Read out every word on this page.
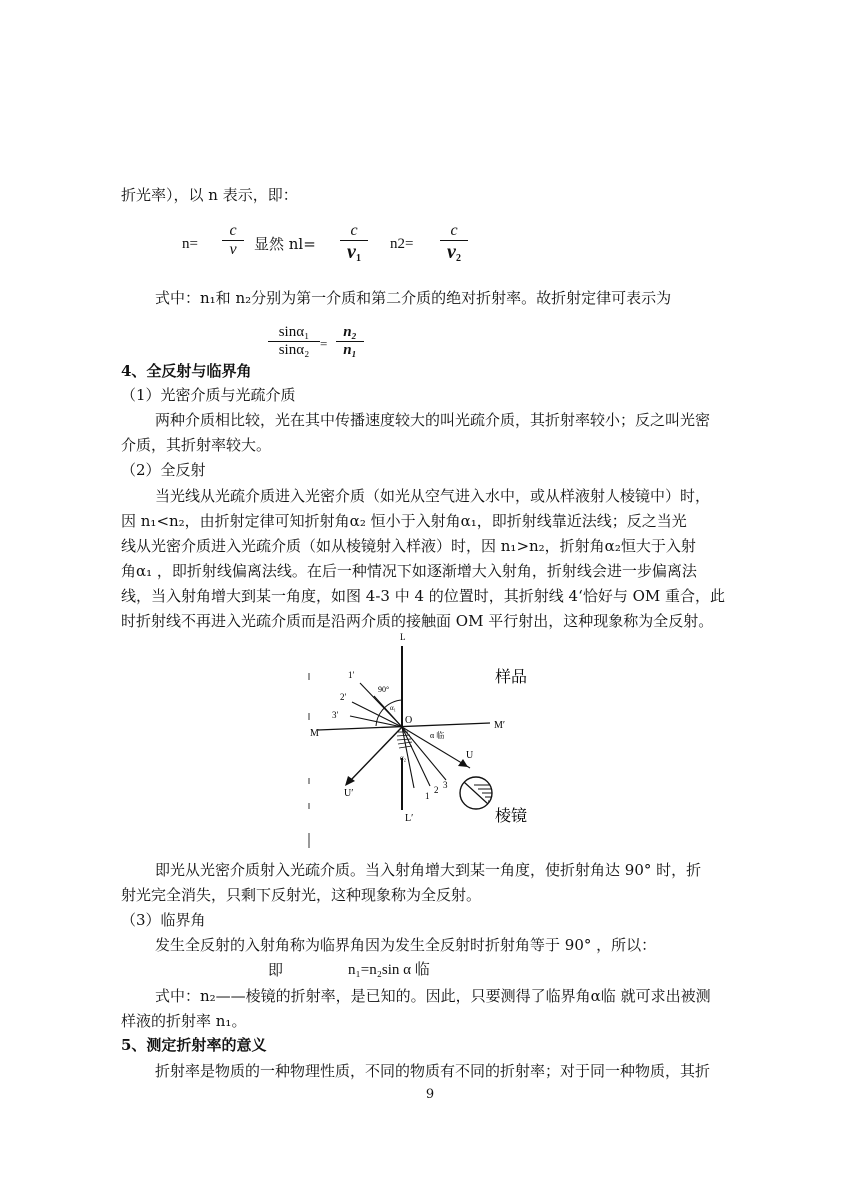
折光率），以 n 表示，即：
$n= \frac{c}{v}$ 显然 nl=
c
$v_1$
n2=
c
$v_2$
式中：n₁和 n₂分别为第一介质和第二介质的绝对折射率。故折射定律可表示为
$\frac{\text{sinα₁}}{\text{sinα₂}} = \frac{\text{n₂}}{\text{n₁}}$
4、全反射与临界角
（1）光密介质与光疏介质
两种介质相比较，光在其中传播速度较大的叫光疏介质，其折射率较小；反之叫光密
介质，其折射率较大。
（2）全反射
当光线从光疏介质进入光密介质（如光从空气进入水中，或从样液射人棱镜中）时，
因 n₁<n₂，由折射定律可知折射角α₂ 恒小于入射角α₁，即折射线靠近法线；反之当光
线从光密介质进入光疏介质（如从棱镜射入样液）时，因 n₁>n₂，折射角α₂恒大于入射
角α₁ ，即折射线偏离法线。在后一种情况下如逐渐增大入射角，折射线会进一步偏离法
线，当入射角增大到某一角度，如图 4-3 中 4 的位置时，其折射线 4‘恰好与 OM 重合，此
时折射线不再进入光疏介质而是沿两介质的接触面 OM 平行射出，这种现象称为全反射。
L
L′
M
M′
O
1′
2′
3′
90°
α₁
α 临
α₂	U
U′	1
2 3
样品
棱镜
即光从光密介质射入光疏介质。当入射角增大到某一角度，使折射角达 90° 时，折
射光完全消失，只剩下反射光，这种现象称为全反射。
（3）临界角
发生全反射的入射角称为临界角因为发生全反射时折射角等于 90° ，所以：
即	n₁=n₂sin α 临
式中：n₂——棱镜的折射率，是已知的。因此，只要测得了临界角α临 就可求出被测
样液的折射率 n₁。
5、测定折射率的意义
折射率是物质的一种物理性质，不同的物质有不同的折射率；对于同一种物质，其折
9
